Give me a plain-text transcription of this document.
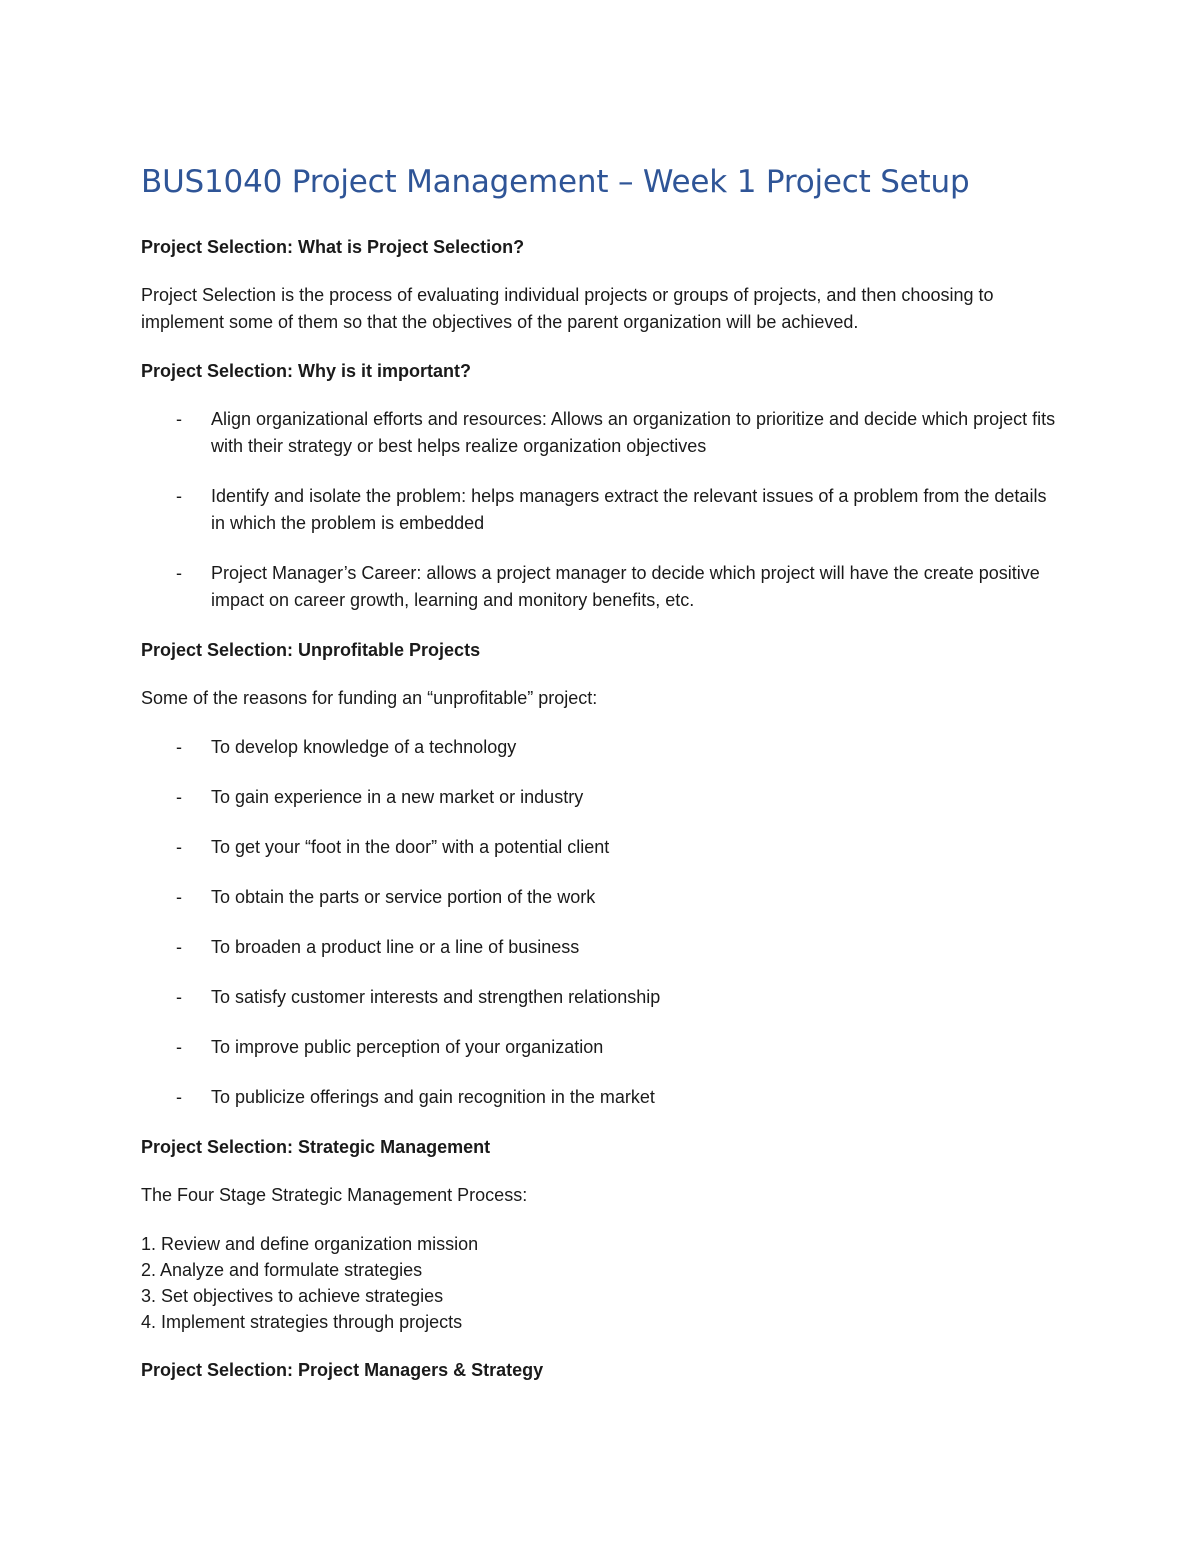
BUS1040 Project Management – Week 1 Project Setup
Project Selection: What is Project Selection?
Project Selection is the process of evaluating individual projects or groups of projects, and then choosing to implement some of them so that the objectives of the parent organization will be achieved.
Project Selection: Why is it important?
- Align organizational efforts and resources: Allows an organization to prioritize and decide which project fits with their strategy or best helps realize organization objectives
- Identify and isolate the problem: helps managers extract the relevant issues of a problem from the details in which the problem is embedded
- Project Manager’s Career: allows a project manager to decide which project will have the create positive impact on career growth, learning and monitory benefits, etc.
Project Selection: Unprofitable Projects
Some of the reasons for funding an “unprofitable” project:
- To develop knowledge of a technology
- To gain experience in a new market or industry
- To get your “foot in the door” with a potential client
- To obtain the parts or service portion of the work
- To broaden a product line or a line of business
- To satisfy customer interests and strengthen relationship
- To improve public perception of your organization
- To publicize offerings and gain recognition in the market
Project Selection: Strategic Management
The Four Stage Strategic Management Process:
1. Review and define organization mission
2. Analyze and formulate strategies
3. Set objectives to achieve strategies
4. Implement strategies through projects
Project Selection: Project Managers & Strategy
